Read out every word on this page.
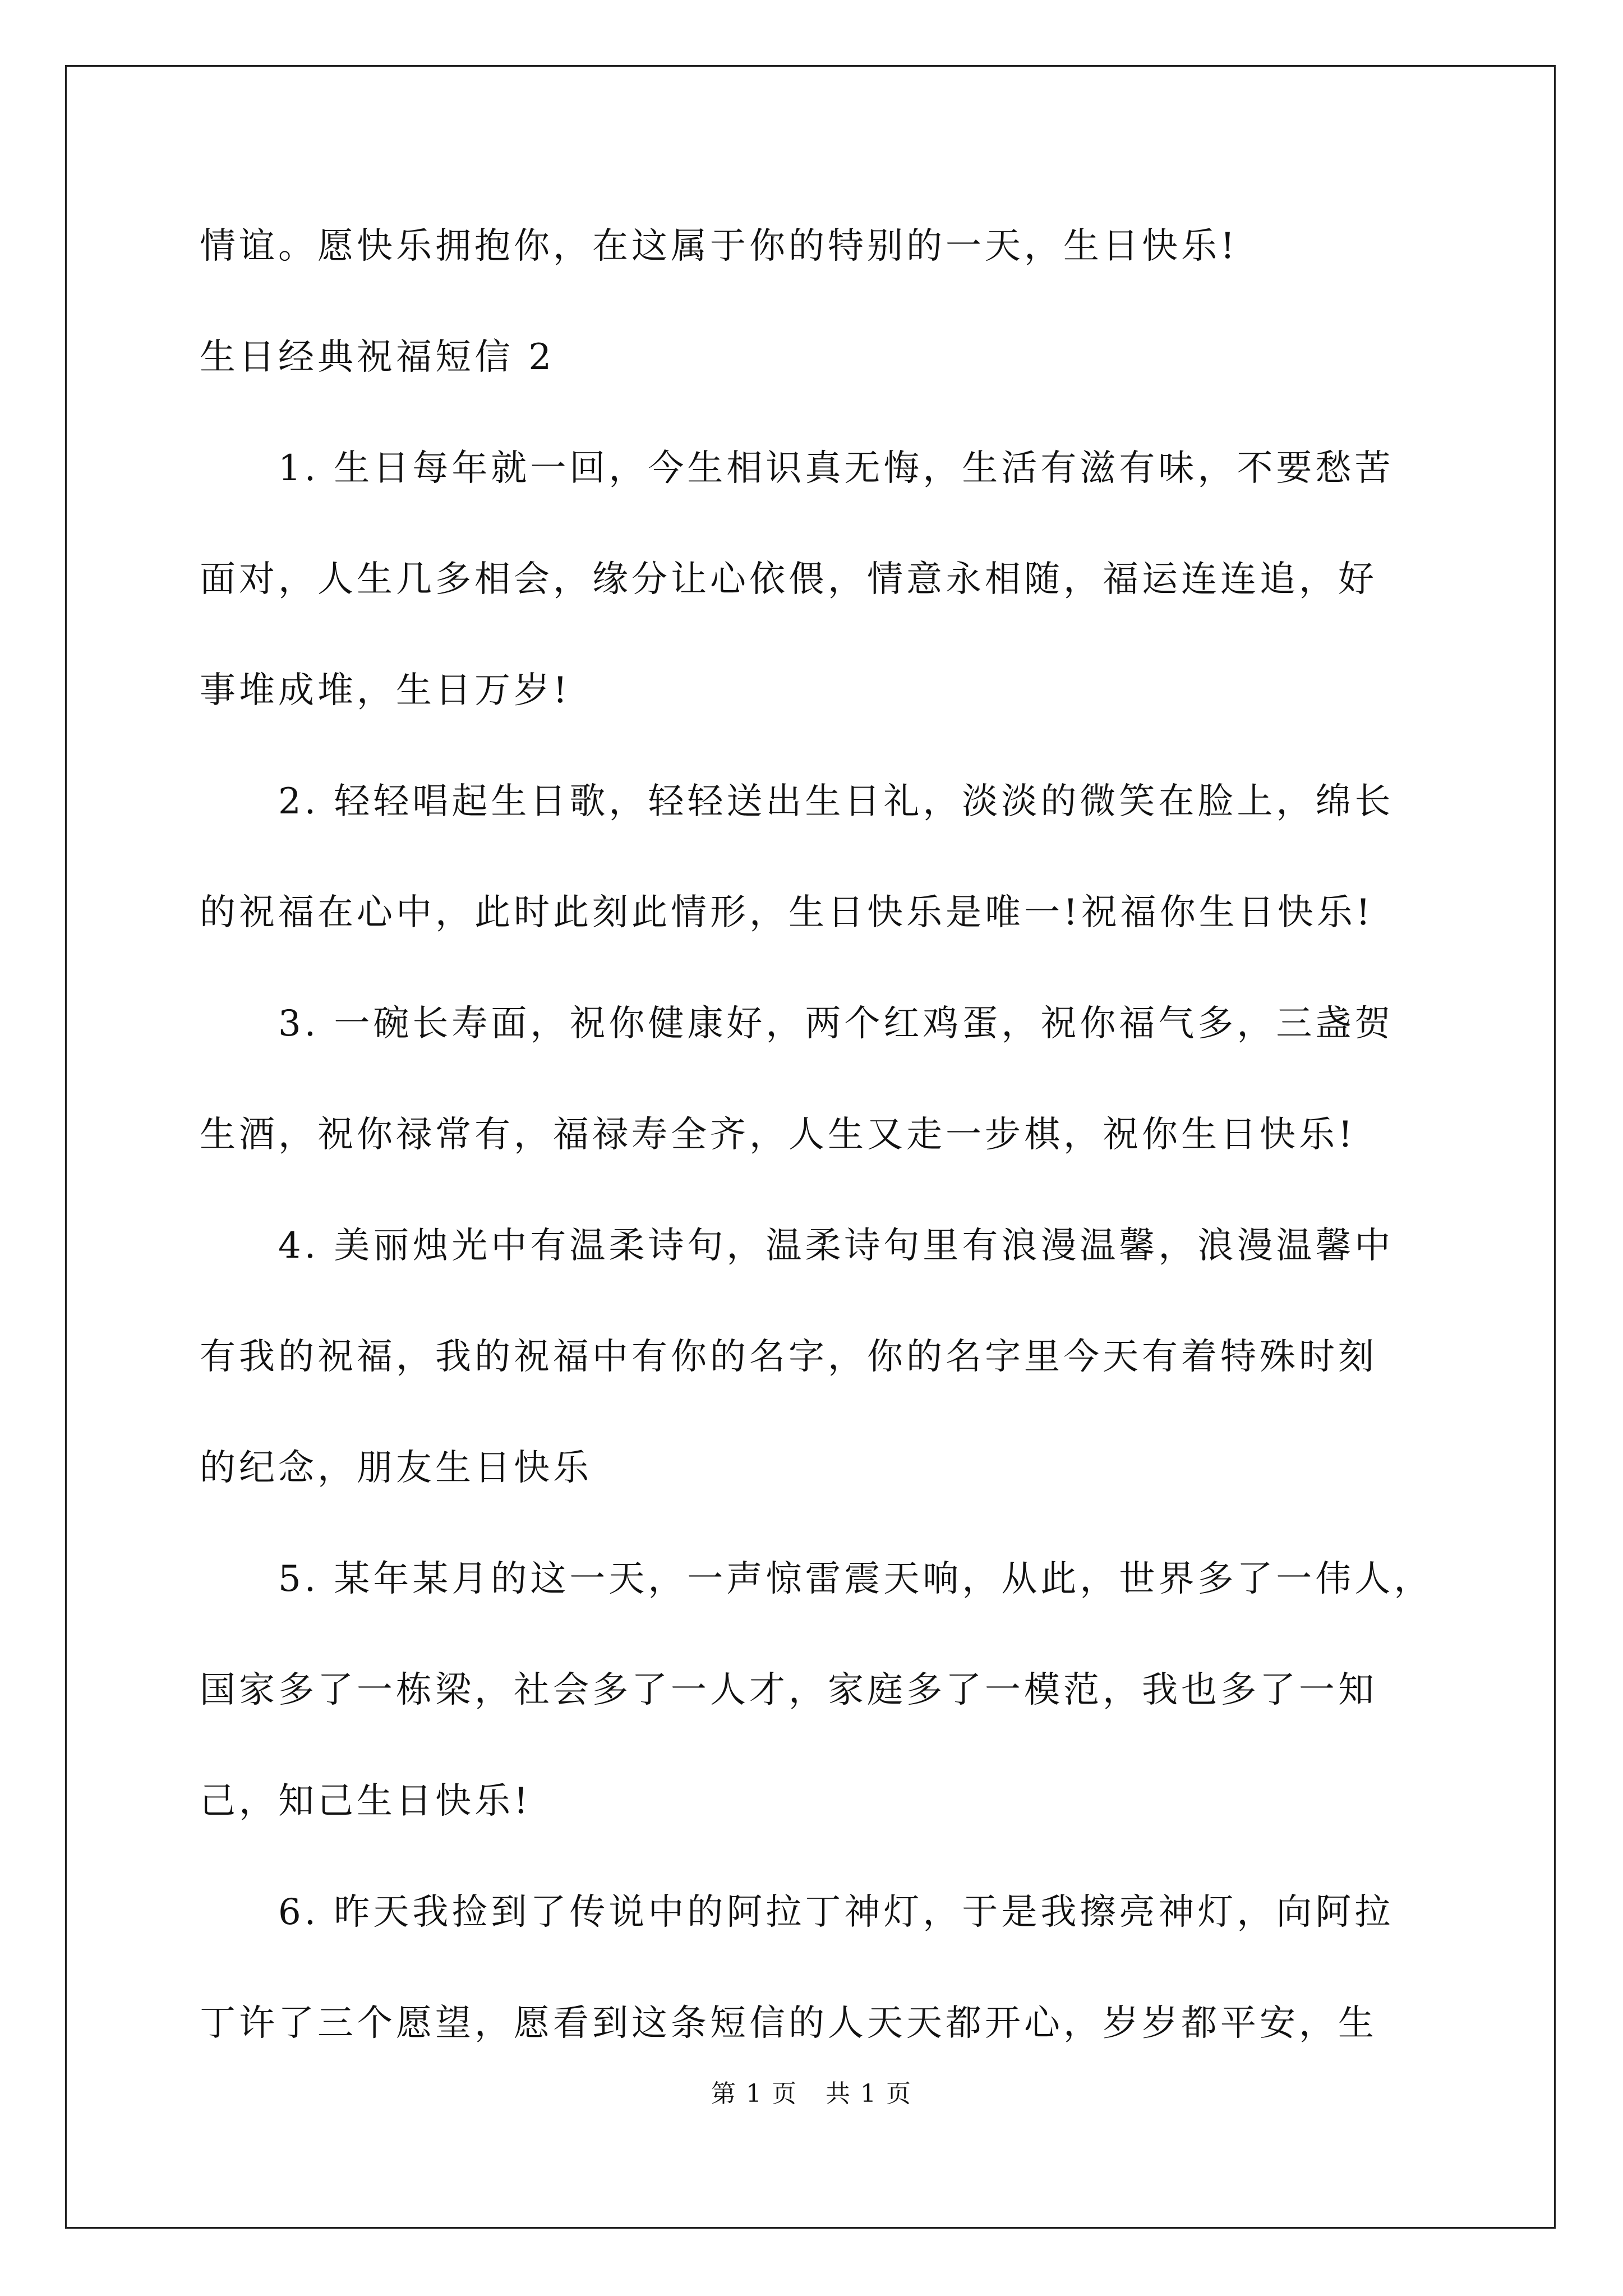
情谊。愿快乐拥抱你，在这属于你的特别的一天，生日快乐!
生日经典祝福短信 2
1. 生日每年就一回，今生相识真无悔，生活有滋有味，不要愁苦
面对，人生几多相会，缘分让心依偎，情意永相随，福运连连追，好
事堆成堆，生日万岁!
2. 轻轻唱起生日歌，轻轻送出生日礼，淡淡的微笑在脸上，绵长
的祝福在心中，此时此刻此情形，生日快乐是唯一!祝福你生日快乐!
3. 一碗长寿面，祝你健康好，两个红鸡蛋，祝你福气多，三盏贺
生酒，祝你禄常有，福禄寿全齐，人生又走一步棋，祝你生日快乐!
4. 美丽烛光中有温柔诗句，温柔诗句里有浪漫温馨，浪漫温馨中
有我的祝福，我的祝福中有你的名字，你的名字里今天有着特殊时刻
的纪念，朋友生日快乐
5. 某年某月的这一天，一声惊雷震天响，从此，世界多了一伟人，
国家多了一栋梁，社会多了一人才，家庭多了一模范，我也多了一知
己，知己生日快乐!
6. 昨天我捡到了传说中的阿拉丁神灯，于是我擦亮神灯，向阿拉
丁许了三个愿望，愿看到这条短信的人天天都开心，岁岁都平安，生
第 1 页 共 1 页
